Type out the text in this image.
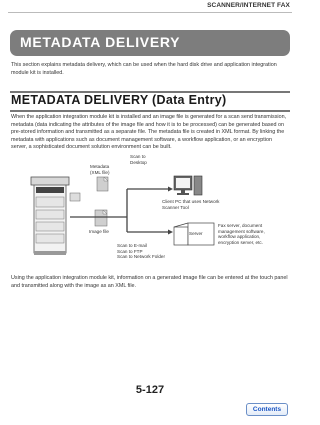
SCANNER/INTERNET FAX
METADATA DELIVERY
This section explains metadata delivery, which can be used when the hard disk drive and application integration module kit is installed.
METADATA DELIVERY (Data Entry)
When the application integration module kit is installed and an image file is generated for a scan send transmission, metadata (data indicating the attributes of the image file and how it is to be processed) can be generated based on pre-stored information and transmitted as a separate file. The metadata file is created in XML format. By linking the metadata with applications such as document management software, a workflow application, or an encryption server, a sophisticated document solution environment can be built.
Metadata
(XML file)
Image file
Scan to
Desktop
Client PC that uses Network
Scanner Tool
Server
Fax server, document
management software,
workflow application,
encryption server, etc.
Scan to E-mail
Scan to FTP
Scan to Network Folder
Using the application integration module kit, information on a generated image file can be entered at the touch panel and transmitted along with the image as an XML file.
5-127
Contents
